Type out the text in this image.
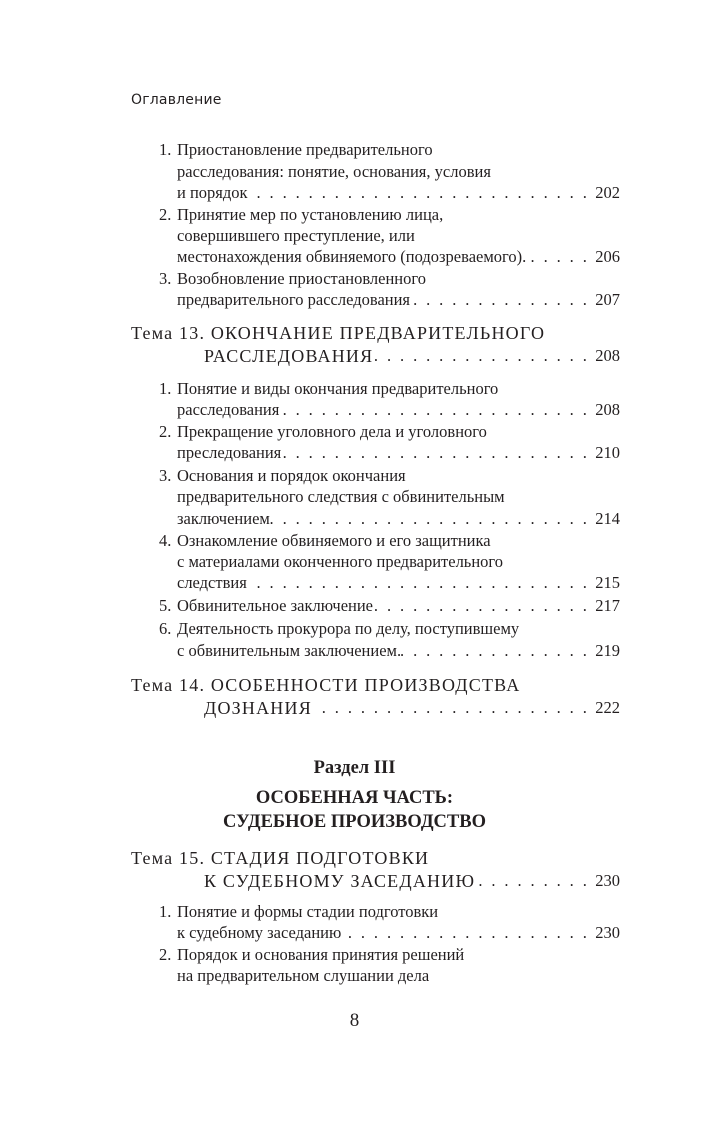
Оглавление
1. Приостановление предварительного
расследования: понятие, основания, условия
и порядок . . .	202
2. Принятие мер по установлению лица,
совершившего преступление, или
местонахождения обвиняемого (подозреваемого). . . .	206
3. Возобновление приостановленного
предварительного расследования . . .	207
Тема 13. ОКОНЧАНИЕ ПРЕДВАРИТЕЛЬНОГО
РАССЛЕДОВАНИЯ . . .	208
1. Понятие и виды окончания предварительного
расследования . . .	208
2. Прекращение уголовного дела и уголовного
преследования . . .	210
3. Основания и порядок окончания
предварительного следствия с обвинительным
заключением . . .	214
4. Ознакомление обвиняемого и его защитника
с материалами оконченного предварительного
следствия . . .	215
5. Обвинительное заключение . . .	217
6. Деятельность прокурора по делу, поступившему
с обвинительным заключением. . . .	219
Тема 14. ОСОБЕННОСТИ ПРОИЗВОДСТВА
ДОЗНАНИЯ . . .	222
Раздел III
ОСОБЕННАЯ ЧАСТЬ:
СУДЕБНОЕ ПРОИЗВОДСТВО
Тема 15. СТАДИЯ ПОДГОТОВКИ
К СУДЕБНОМУ ЗАСЕДАНИЮ . . .	230
1. Понятие и формы стадии подготовки
к судебному заседанию . . .	230
2. Порядок и основания принятия решений
на предварительном слушании дела
8
